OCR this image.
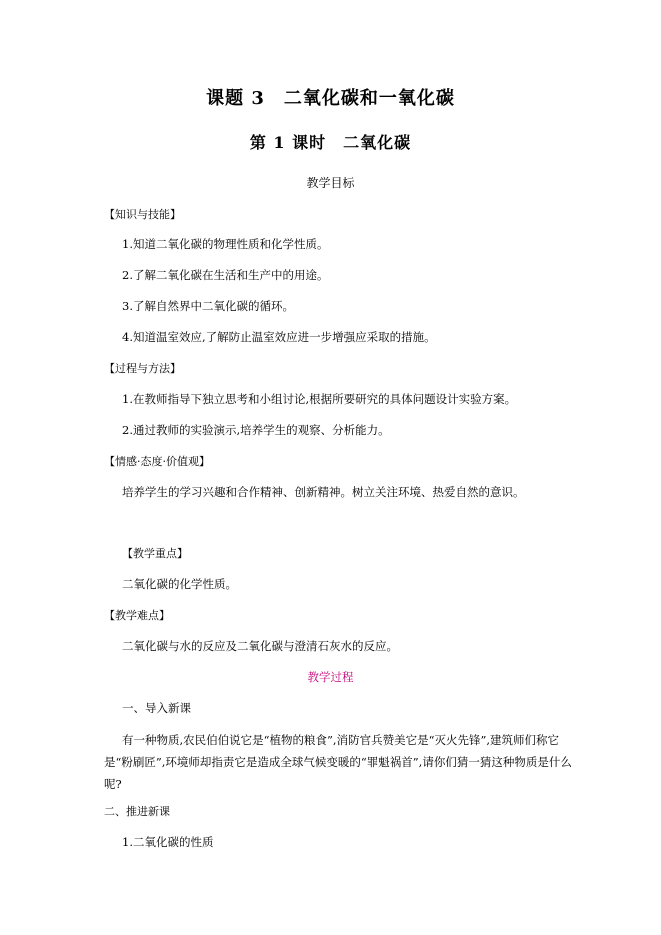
课题 3　二氧化碳和一氧化碳
第 1 课时　二氧化碳
教学目标
【知识与技能】
1.知道二氧化碳的物理性质和化学性质。
2.了解二氧化碳在生活和生产中的用途。
3.了解自然界中二氧化碳的循环。
4.知道温室效应,了解防止温室效应进一步增强应采取的措施。
【过程与方法】
1.在教师指导下独立思考和小组讨论,根据所要研究的具体问题设计实验方案。
2.通过教师的实验演示,培养学生的观察、分析能力。
【情感·态度·价值观】
培养学生的学习兴趣和合作精神、创新精神。树立关注环境、热爱自然的意识。
【教学重点】
二氧化碳的化学性质。
【教学难点】
二氧化碳与水的反应及二氧化碳与澄清石灰水的反应。
教学过程
一、导入新课
有一种物质,农民伯伯说它是“植物的粮食”,消防官兵赞美它是“灭火先锋”,建筑师们称它是“粉刷匠”,环境师却指责它是造成全球气候变暖的“罪魁祸首”,请你们猜一猜这种物质是什么呢?
二、推进新课
1.二氧化碳的性质
